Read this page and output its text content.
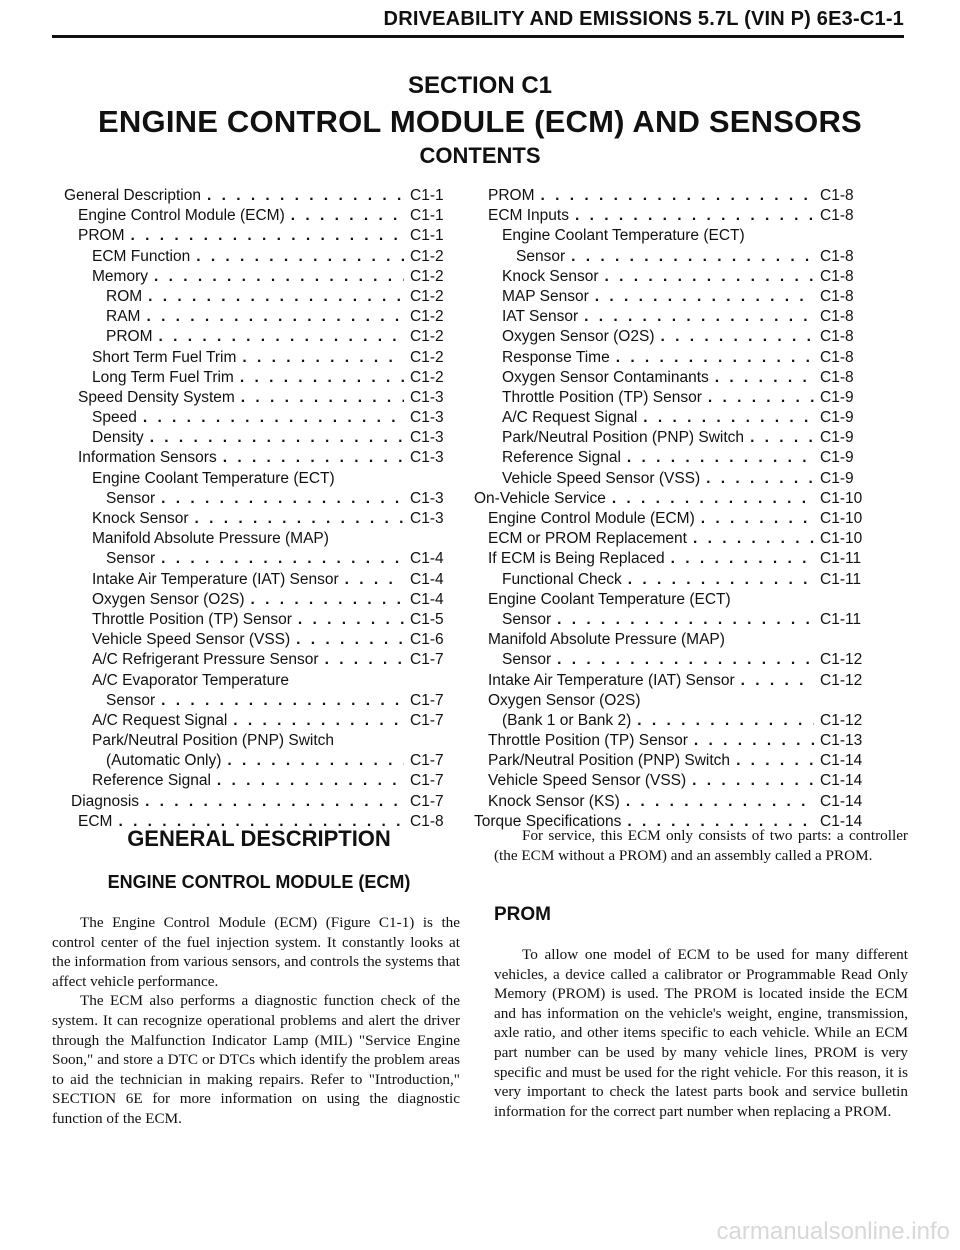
DRIVEABILITY AND EMISSIONS 5.7L (VIN P) 6E3-C1-1
SECTION C1
ENGINE CONTROL MODULE (ECM) AND SENSORS
CONTENTS
General Description . . .	C1-1
Engine Control Module (ECM) . . .	C1-1
PROM . . .	C1-1
ECM Function . . .	C1-2
Memory . . .	C1-2
ROM . . .	C1-2
RAM . . .	C1-2
PROM . . .	C1-2
Short Term Fuel Trim . . .	C1-2
Long Term Fuel Trim . . .	C1-2
Speed Density System . . .	C1-3
Speed . . .	C1-3
Density . . .	C1-3
Information Sensors . . .	C1-3
Engine Coolant Temperature (ECT)
Sensor . . .	C1-3
Knock Sensor . . .	C1-3
Manifold Absolute Pressure (MAP)
Sensor . . .	C1-4
Intake Air Temperature (IAT) Sensor . . .	C1-4
Oxygen Sensor (O2S) . . .	C1-4
Throttle Position (TP) Sensor . . .	C1-5
Vehicle Speed Sensor (VSS) . . .	C1-6
A/C Refrigerant Pressure Sensor . . .	C1-7
A/C Evaporator Temperature
Sensor . . .	C1-7
A/C Request Signal . . .	C1-7
Park/Neutral Position (PNP) Switch
(Automatic Only) . . .	C1-7
Reference Signal . . .	C1-7
Diagnosis . . .	C1-7
ECM . . .	C1-8
PROM . . .	C1-8
ECM Inputs . . .	C1-8
Engine Coolant Temperature (ECT)
Sensor . . .	C1-8
Knock Sensor . . .	C1-8
MAP Sensor . . .	C1-8
IAT Sensor . . .	C1-8
Oxygen Sensor (O2S) . . .	C1-8
Response Time . . .	C1-8
Oxygen Sensor Contaminants . . .	C1-8
Throttle Position (TP) Sensor . . .	C1-9
A/C Request Signal . . .	C1-9
Park/Neutral Position (PNP) Switch . . .	C1-9
Reference Signal . . .	C1-9
Vehicle Speed Sensor (VSS) . . .	C1-9
On-Vehicle Service . . .	C1-10
Engine Control Module (ECM) . . .	C1-10
ECM or PROM Replacement . . .	C1-10
If ECM is Being Replaced . . .	C1-11
Functional Check . . .	C1-11
Engine Coolant Temperature (ECT)
Sensor . . .	C1-11
Manifold Absolute Pressure (MAP)
Sensor . . .	C1-12
Intake Air Temperature (IAT) Sensor . . .	C1-12
Oxygen Sensor (O2S)
(Bank 1 or Bank 2) . . .	C1-12
Throttle Position (TP) Sensor . . .	C1-13
Park/Neutral Position (PNP) Switch . . .	C1-14
Vehicle Speed Sensor (VSS) . . .	C1-14
Knock Sensor (KS) . . .	C1-14
Torque Specifications . . .	C1-14
GENERAL DESCRIPTION
ENGINE CONTROL MODULE (ECM)

The Engine Control Module (ECM) (Figure C1-1) is the control center of the fuel injection system. It constantly looks at the information from various sensors, and controls the systems that affect vehicle performance.

The ECM also performs a diagnostic function check of the system. It can recognize operational problems and alert the driver through the Malfunction Indicator Lamp (MIL) "Service Engine Soon," and store a DTC or DTCs which identify the problem areas to aid the technician in making repairs. Refer to "Introduction," SECTION 6E for more information on using the diagnostic function of the ECM.

For service, this ECM only consists of two parts: a controller (the ECM without a PROM) and an assembly called a PROM.

PROM

To allow one model of ECM to be used for many different vehicles, a device called a calibrator or Programmable Read Only Memory (PROM) is used. The PROM is located inside the ECM and has information on the vehicle's weight, engine, transmission, axle ratio, and other items specific to each vehicle. While an ECM part number can be used by many vehicle lines, PROM is very specific and must be used for the right vehicle. For this reason, it is very important to check the latest parts book and service bulletin information for the correct part number when replacing a PROM.

carmanualsonline.info
